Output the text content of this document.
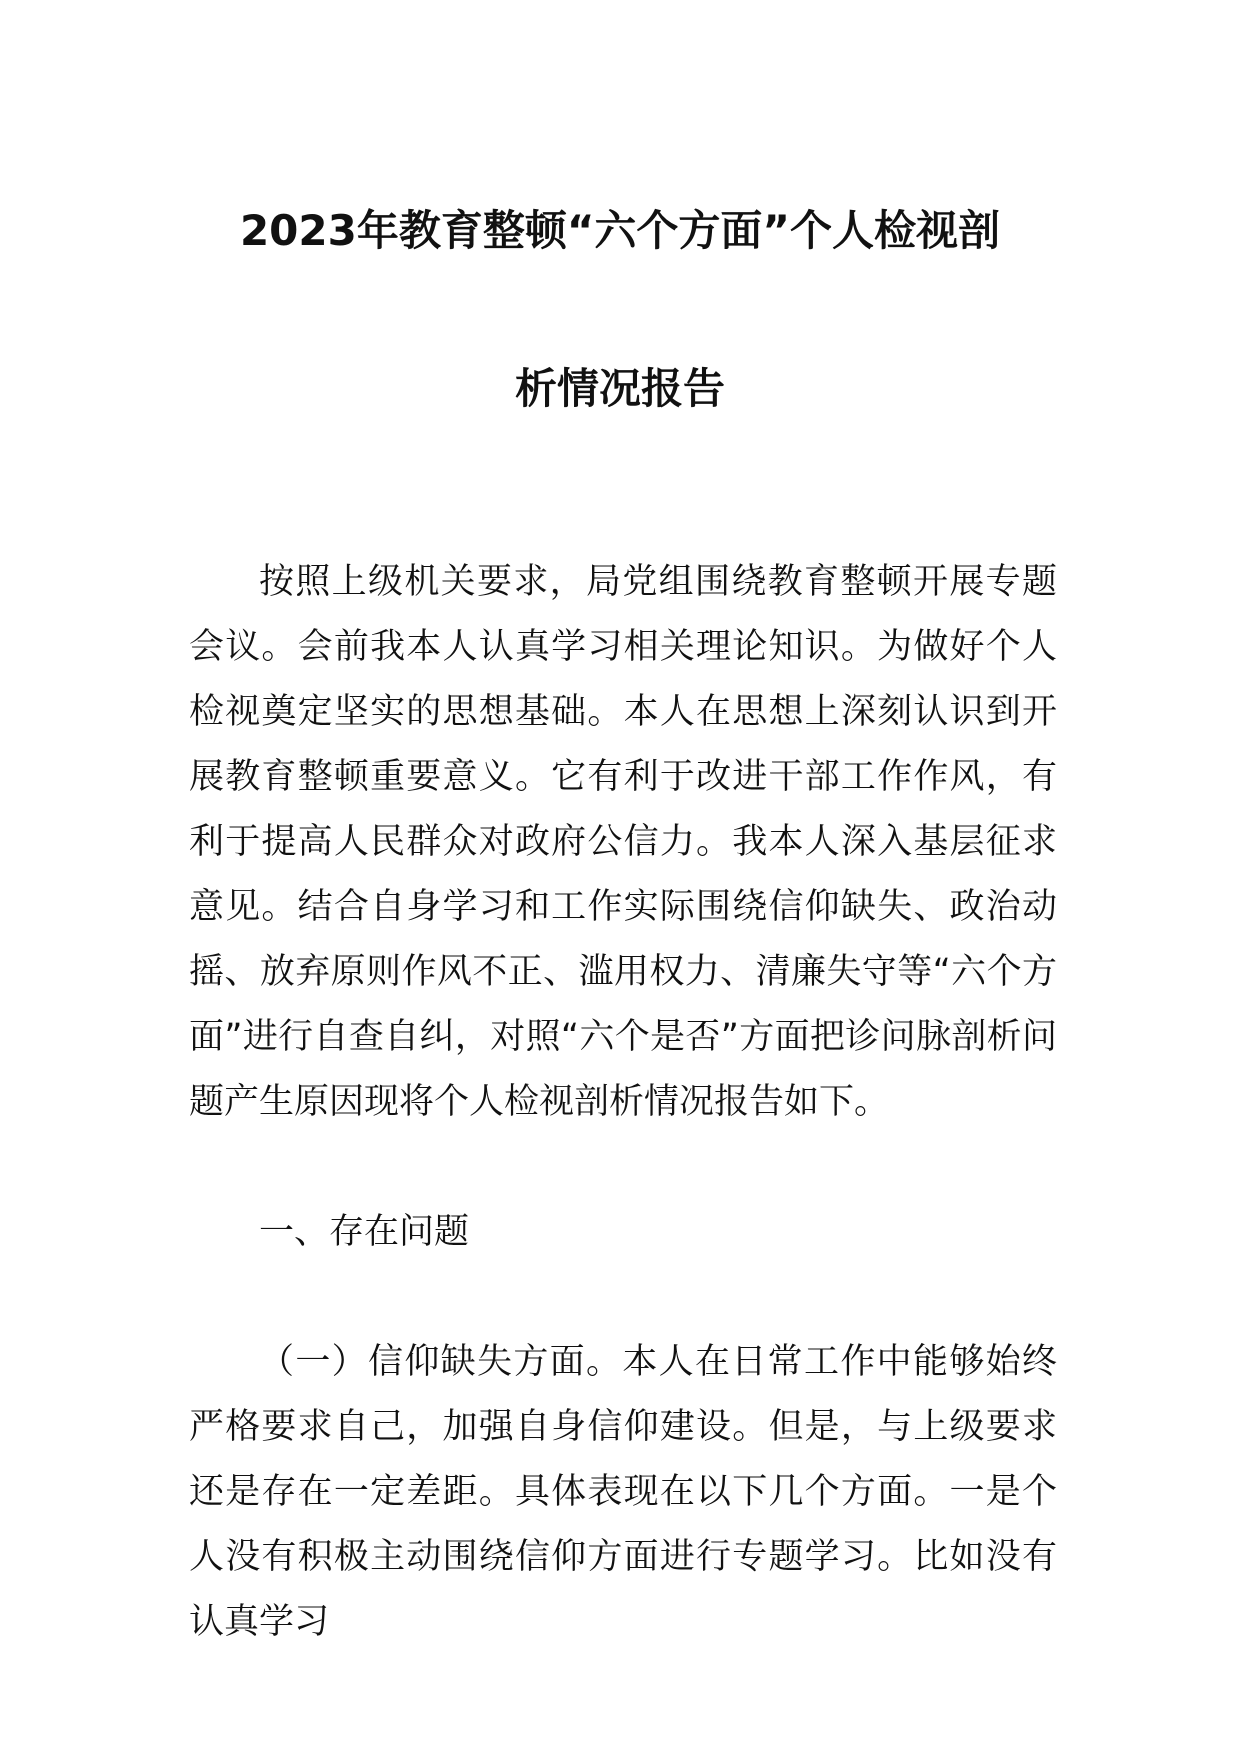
2023年教育整顿“六个方面”个人检视剖
析情况报告

按照上级机关要求，局党组围绕教育整顿开展专题会议。会前我本人认真学习相关理论知识。为做好个人检视奠定坚实的思想基础。本人在思想上深刻认识到开展教育整顿重要意义。它有利于改进干部工作作风，有利于提高人民群众对政府公信力。我本人深入基层征求意见。结合自身学习和工作实际围绕信仰缺失、政治动摇、放弃原则作风不正、滥用权力、清廉失守等“六个方面”进行自查自纠，对照“六个是否”方面把诊问脉剖析问题产生原因现将个人检视剖析情况报告如下。

一、存在问题

（一）信仰缺失方面。本人在日常工作中能够始终严格要求自己，加强自身信仰建设。但是，与上级要求还是存在一定差距。具体表现在以下几个方面。一是个人没有积极主动围绕信仰方面进行专题学习。比如没有认真学习
